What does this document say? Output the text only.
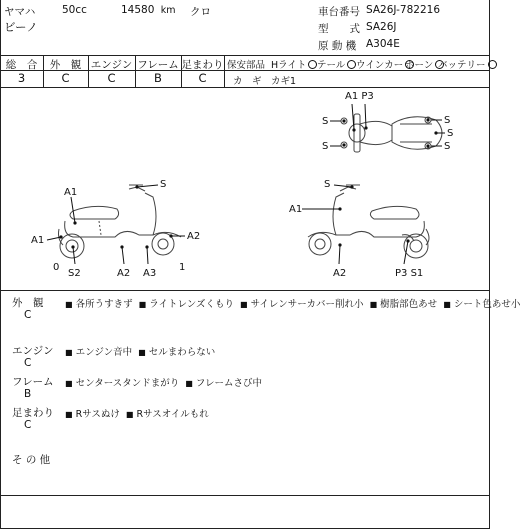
ヤマハ	50cc	14580 km クロ
ビーノ
車台番号 SA26J-782216
型　　式 SA26J
原 動 機 A304E
総　合	外　観 エンジン フレーム 足まわり
3	C	C	B	C
保安部品 Hライト	テール	ウインカー ホーン バッテリー
カ　ギ カギ1
A1 P3
S
S
S
S
S
S
A1
A1	A2
0
S2	A2 A3
1
S
A1
A2	P3 S1
外　観
C
■ 各所うすきず ■ ライトレンズくもり ■ サイレンサーカバー削れ小 ■ 樹脂部色あせ ■ シート色あせ小
エンジン
C
■ エンジン音中 ■ セルまわらない
フレーム
B
■ センタースタンドまがり ■ フレームさび中
足まわり
C
■ Rサスぬけ ■ Rサスオイルもれ
そ の 他
